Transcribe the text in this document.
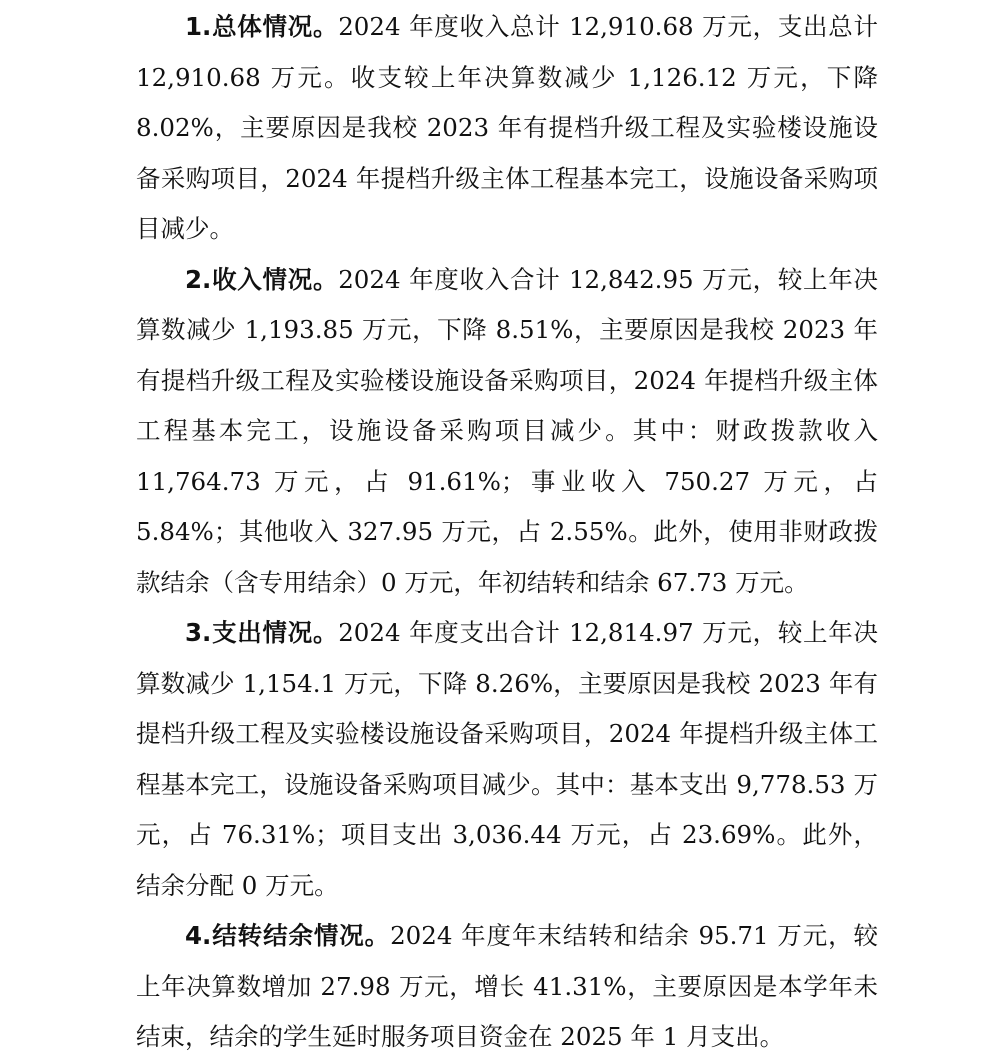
1.总体情况。2024 年度收入总计 12,910.68 万元，支出总计 12,910.68 万元。收支较上年决算数减少 1,126.12 万元，下降 8.02%，主要原因是我校 2023 年有提档升级工程及实验楼设施设备采购项目，2024 年提档升级主体工程基本完工，设施设备采购项目减少。

2.收入情况。2024 年度收入合计 12,842.95 万元，较上年决算数减少 1,193.85 万元，下降 8.51%，主要原因是我校 2023 年有提档升级工程及实验楼设施设备采购项目，2024 年提档升级主体工程基本完工，设施设备采购项目减少。其中：财政拨款收入 11,764.73 万元，占 91.61%；事业收入 750.27 万元，占 5.84%；其他收入 327.95 万元，占 2.55%。此外，使用非财政拨款结余（含专用结余）0 万元，年初结转和结余 67.73 万元。

3.支出情况。2024 年度支出合计 12,814.97 万元，较上年决算数减少 1,154.1 万元，下降 8.26%，主要原因是我校 2023 年有提档升级工程及实验楼设施设备采购项目，2024 年提档升级主体工程基本完工，设施设备采购项目减少。其中：基本支出 9,778.53 万元，占 76.31%；项目支出 3,036.44 万元，占 23.69%。此外，结余分配 0 万元。

4.结转结余情况。2024 年度年末结转和结余 95.71 万元，较上年决算数增加 27.98 万元，增长 41.31%，主要原因是本学年未结束，结余的学生延时服务项目资金在 2025 年 1 月支出。
